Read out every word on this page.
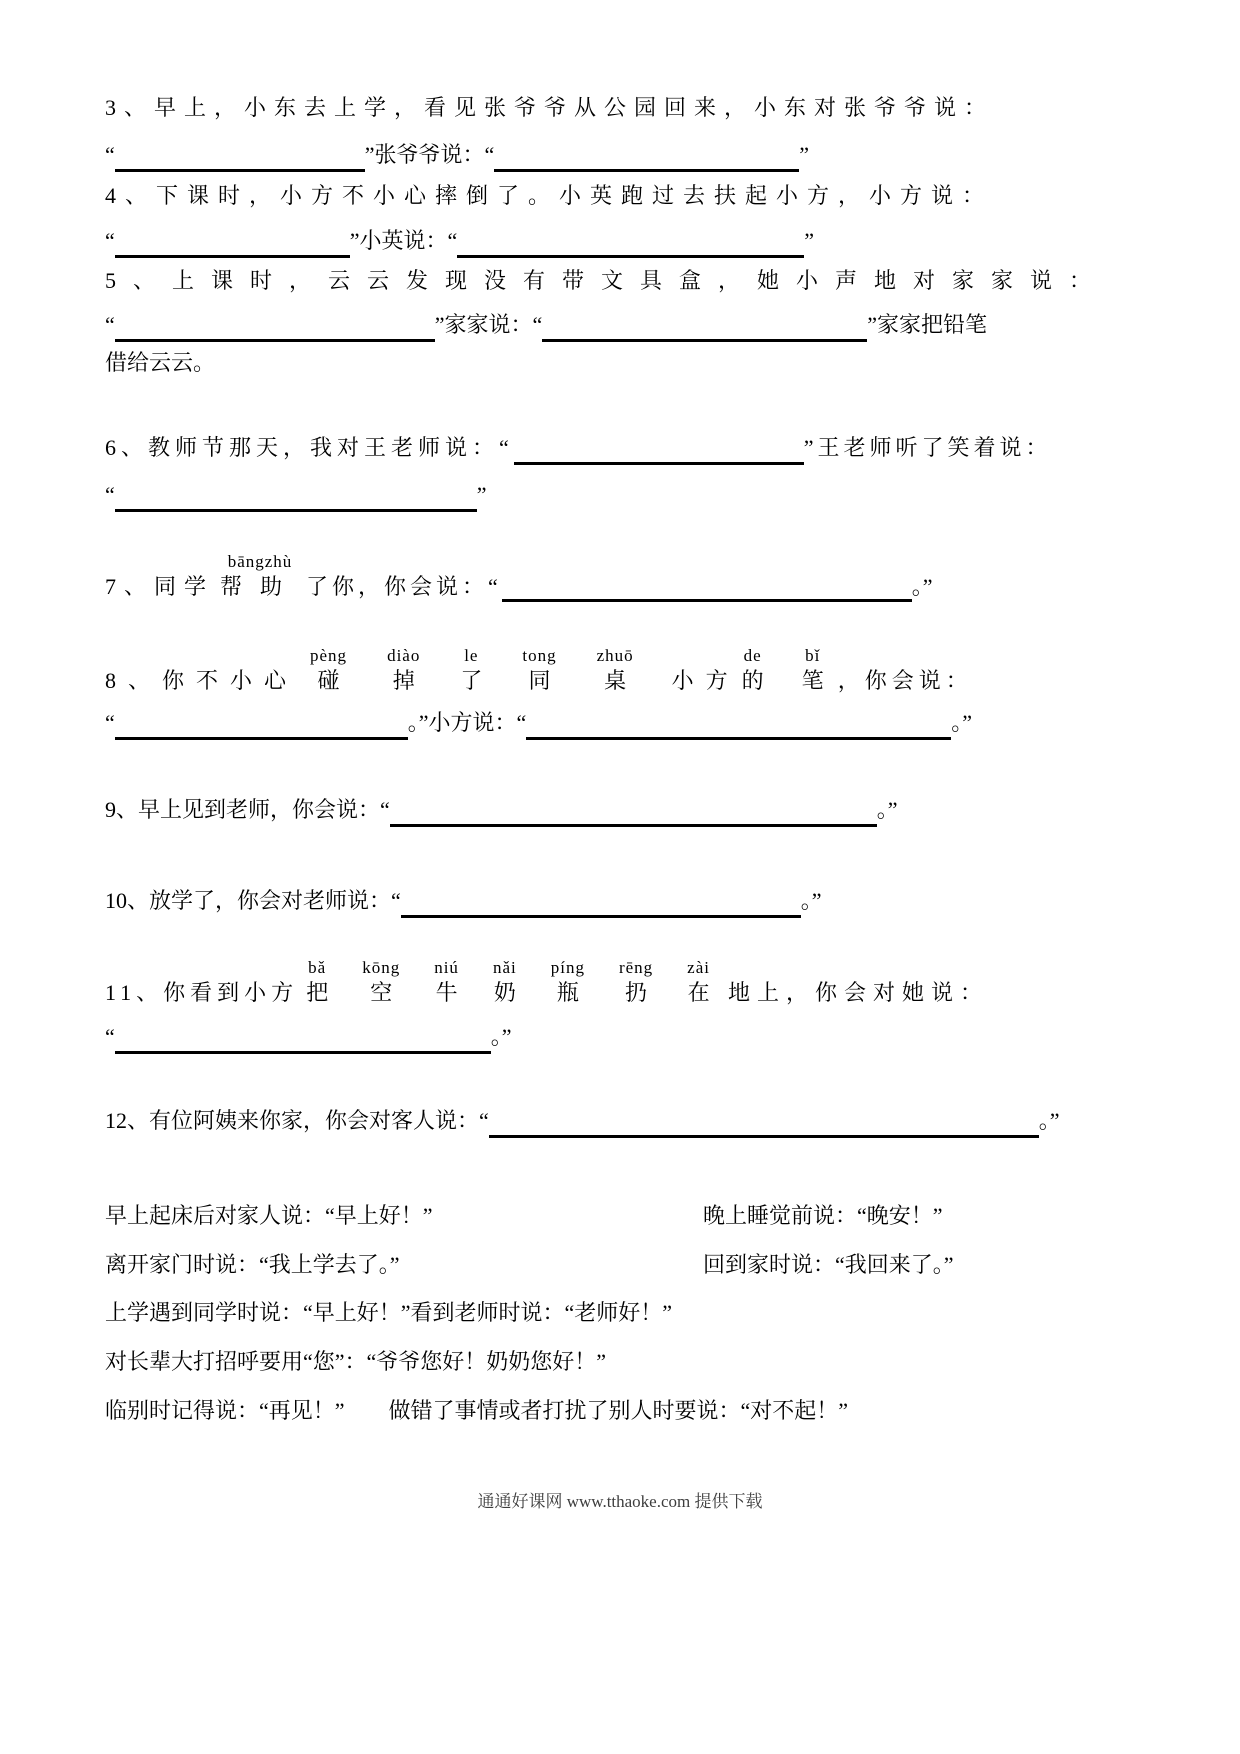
3、早上，小东去上学，看见张爷爷从公园回来，小东对张爷爷说：
“	”张爷爷说：“	”
4、下课时，小方不小心摔倒了。小英跑过去扶起小方，小方说：
“	”小英说：“	”
5、上课时，云云发现没有带文具盒，她小声地对家家说：
“	”家家说：“	”家家把铅笔
借给云云。
6、教师节那天，我对王老师说：“	”王老师听了笑着说：
“	”
7、同学
bāngzhù
帮助 了你，你会说：“	。”
8、你不小心
pèng
碰
diào
掉
le
了
tong
同
zhuō
桌 小方
de
的
bǐ
笔 ，你会说：
“	。”小方说：“	。”
9、早上见到老师，你会说：“	。”
10、放学了，你会对老师说：“	。”
11、你看到小方
bǎ
把
kōng
空
niú
牛
nǎi
奶
píng
瓶
rēng
扔
zài
在 地上，你会对她说：
“	。”
12、有位阿姨来你家，你会对客人说：“	。”
早上起床后对家人说：“早上好！”	晚上睡觉前说：“晚安！”
离开家门时说：“我上学去了。”	回到家时说：“我回来了。”
上学遇到同学时说：“早上好！”看到老师时说：“老师好！”
对长辈大打招呼要用“您”：“爷爷您好！奶奶您好！”
临别时记得说：“再见！” 做错了事情或者打扰了别人时要说：“对不起！”
通通好课网 www.tthaoke.com 提供下载
